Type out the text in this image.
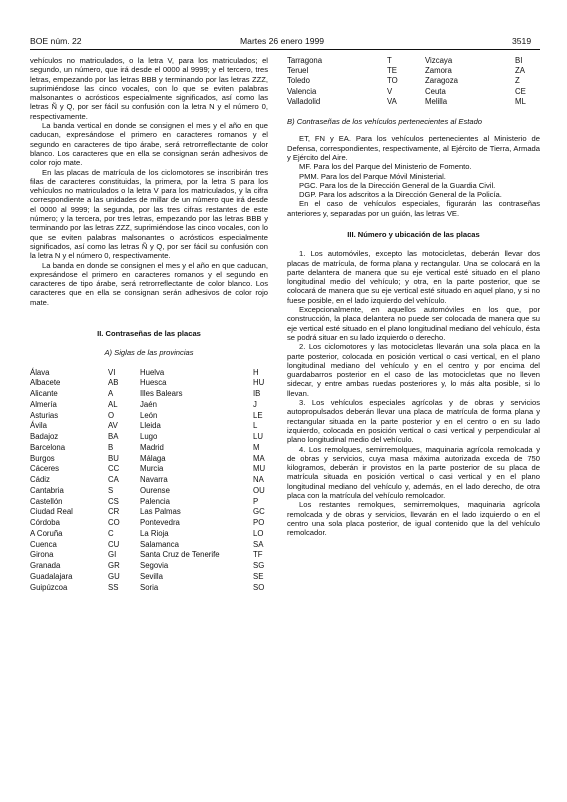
BOE núm. 22	Martes 26 enero 1999	3519

vehículos no matriculados, o la letra V, para los matriculados; el segundo, un número, que irá desde el 0000 al 9999; y el tercero, tres letras, empezando por las letras BBB y terminando por las letras ZZZ, suprimiéndose las cinco vocales, con lo que se eviten palabras malsonantes o acrósticos especialmente significados, así como las letras Ñ y Q, por ser fácil su confusión con la letra N y el número 0, respectivamente.

La banda vertical en donde se consignen el mes y el año en que caducan, expresándose el primero en caracteres romanos y el segundo en caracteres de tipo árabe, será retrorreflectante de color blanco. Los caracteres que en ella se consignan serán adhesivos de color rojo mate.

En las placas de matrícula de los ciclomotores se inscribirán tres filas de caracteres constituidas, la primera, por la letra S para los vehículos no matriculados o la letra V para los matriculados, y la cifra correspondiente a las unidades de millar de un número que irá desde el 0000 al 9999; la segunda, por las tres cifras restantes de este número; y la tercera, por tres letras, empezando por las letras BBB y terminando por las letras ZZZ, suprimiéndose las cinco vocales, con lo que se eviten palabras malsonantes o acrósticos especialmente significados, así como las letras Ñ y Q, por ser fácil su confusión con la letra N y el número 0, respectivamente.

La banda en donde se consignen el mes y el año en que caducan, expresándose el primero en caracteres romanos y el segundo en caracteres de tipo árabe, será retrorreflectante de color blanco. Los caracteres que en ella se consignan serán adhesivos de color rojo mate.

II. Contraseñas de las placas

A) Siglas de las provincias

Álava	VI	Huelva	H
Albacete	AB	Huesca	HU
Alicante	A	Illes Balears	IB
Almería	AL	Jaén	J
Asturias	O	León	LE
Ávila	AV	Lleida	L
Badajoz	BA	Lugo	LU
Barcelona	B	Madrid	M
Burgos	BU	Málaga	MA
Cáceres	CC	Murcia	MU
Cádiz	CA	Navarra	NA
Cantabria	S	Ourense	OU
Castellón	CS	Palencia	P
Ciudad Real	CR	Las Palmas	GC
Córdoba	CO	Pontevedra	PO
A Coruña	C	La Rioja	LO
Cuenca	CU	Salamanca	SA
Girona	GI	Santa Cruz de Tenerife	TF
Granada	GR	Segovia	SG
Guadalajara	GU	Sevilla	SE
Guipúzcoa	SS	Soria	SO
Tarragona	T	Vizcaya	BI
Teruel	TE	Zamora	ZA
Toledo	TO	Zaragoza	Z
Valencia	V	Ceuta	CE
Valladolid	VA	Melilla	ML

B) Contraseñas de los vehículos pertenecientes al Estado

ET, FN y EA. Para los vehículos pertenecientes al Ministerio de Defensa, correspondientes, respectivamente, al Ejército de Tierra, Armada y Ejército del Aire.

MF. Para los del Parque del Ministerio de Fomento.

PMM. Para los del Parque Móvil Ministerial.

PGC. Para los de la Dirección General de la Guardia Civil.

DGP. Para los adscritos a la Dirección General de la Policía.

En el caso de vehículos especiales, figurarán las contraseñas anteriores y, separadas por un guión, las letras VE.

III. Número y ubicación de las placas

1. Los automóviles, excepto las motocicletas, deberán llevar dos placas de matrícula, de forma plana y rectangular. Una se colocará en la parte delantera de manera que su eje vertical esté situado en el plano longitudinal medio del vehículo; y otra, en la parte posterior, que se colocará de manera que su eje vertical esté situado en aquel plano, y si no fuese posible, en el lado izquierdo del vehículo.

Excepcionalmente, en aquellos automóviles en los que, por construcción, la placa delantera no puede ser colocada de manera que su eje vertical esté situado en el plano longitudinal mediano del vehículo, ésta se podrá situar en su lado izquierdo o derecho.

2. Los ciclomotores y las motocicletas llevarán una sola placa en la parte posterior, colocada en posición vertical o casi vertical, en el plano longitudinal mediano del vehículo y en el centro y por encima del guardabarros posterior en el caso de las motocicletas que no lleven sidecar, y entre ambas ruedas posteriores y, lo más alta posible, si lo llevan.

3. Los vehículos especiales agrícolas y de obras y servicios autopropulsados deberán llevar una placa de matrícula de forma plana y rectangular situada en la parte posterior y en el centro o en su lado izquierdo, colocada en posición vertical o casi vertical y perpendicular al plano longitudinal medio del vehículo.

4. Los remolques, semirremolques, maquinaria agrícola remolcada y de obras y servicios, cuya masa máxima autorizada exceda de 750 kilogramos, deberán ir provistos en la parte posterior de su placa de matrícula situada en posición vertical o casi vertical y en el plano longitudinal mediano del vehículo y, además, en el lado derecho, de otra placa con la matrícula del vehículo remolcador.

Los restantes remolques, semirremolques, maquinaria agrícola remolcada y de obras y servicios, llevarán en el lado izquierdo o en el centro una sola placa posterior, de igual contenido que la del vehículo remolcador.
